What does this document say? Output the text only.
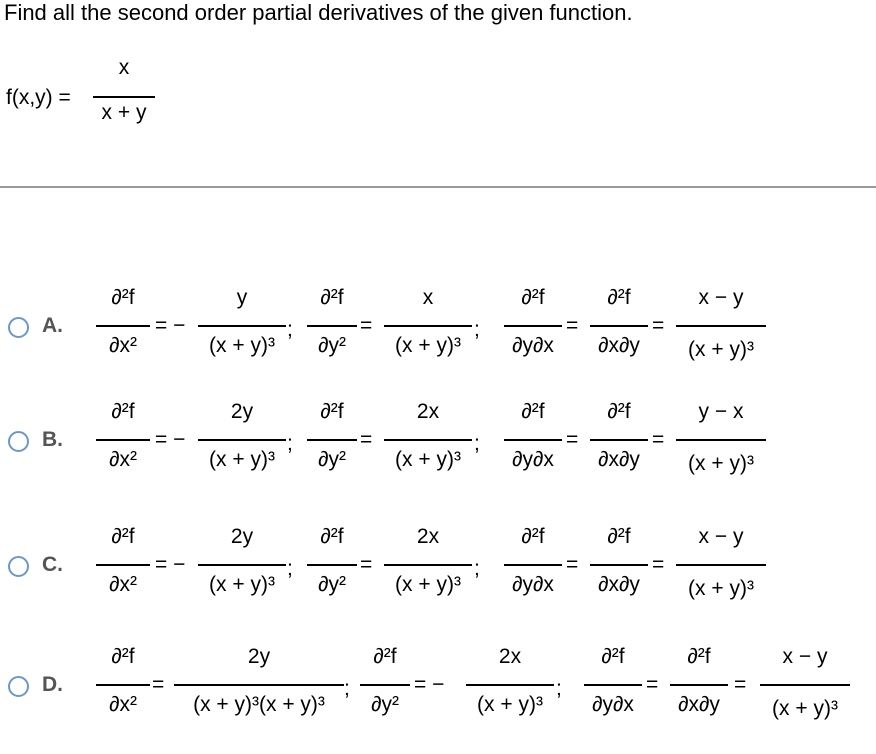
Find all the second order partial derivatives of the given function.
f(x,y) =
x
x + y
A.
∂²f
∂x²
= −
y
(x + y)³
;
∂²f
∂y²
=
x
(x + y)³
;
∂²f
∂y∂x
=
∂²f
∂x∂y
=
x − y
(x + y)³
B.
∂²f
∂x²
= −
2y
(x + y)³
;
∂²f
∂y²
=
2x
(x + y)³
;
∂²f
∂y∂x
=
∂²f
∂x∂y
=
y − x
(x + y)³
C.
∂²f
∂x²
= −
2y
(x + y)³
;
∂²f
∂y²
=
2x
(x + y)³
;
∂²f
∂y∂x
=
∂²f
∂x∂y
=
x − y
(x + y)³
D.
∂²f
∂x²
=
2y
(x + y)³(x + y)³
;
∂²f
∂y²
= −
2x
(x + y)³
;
∂²f
∂y∂x
=
∂²f
∂x∂y
=
x − y
(x + y)³
